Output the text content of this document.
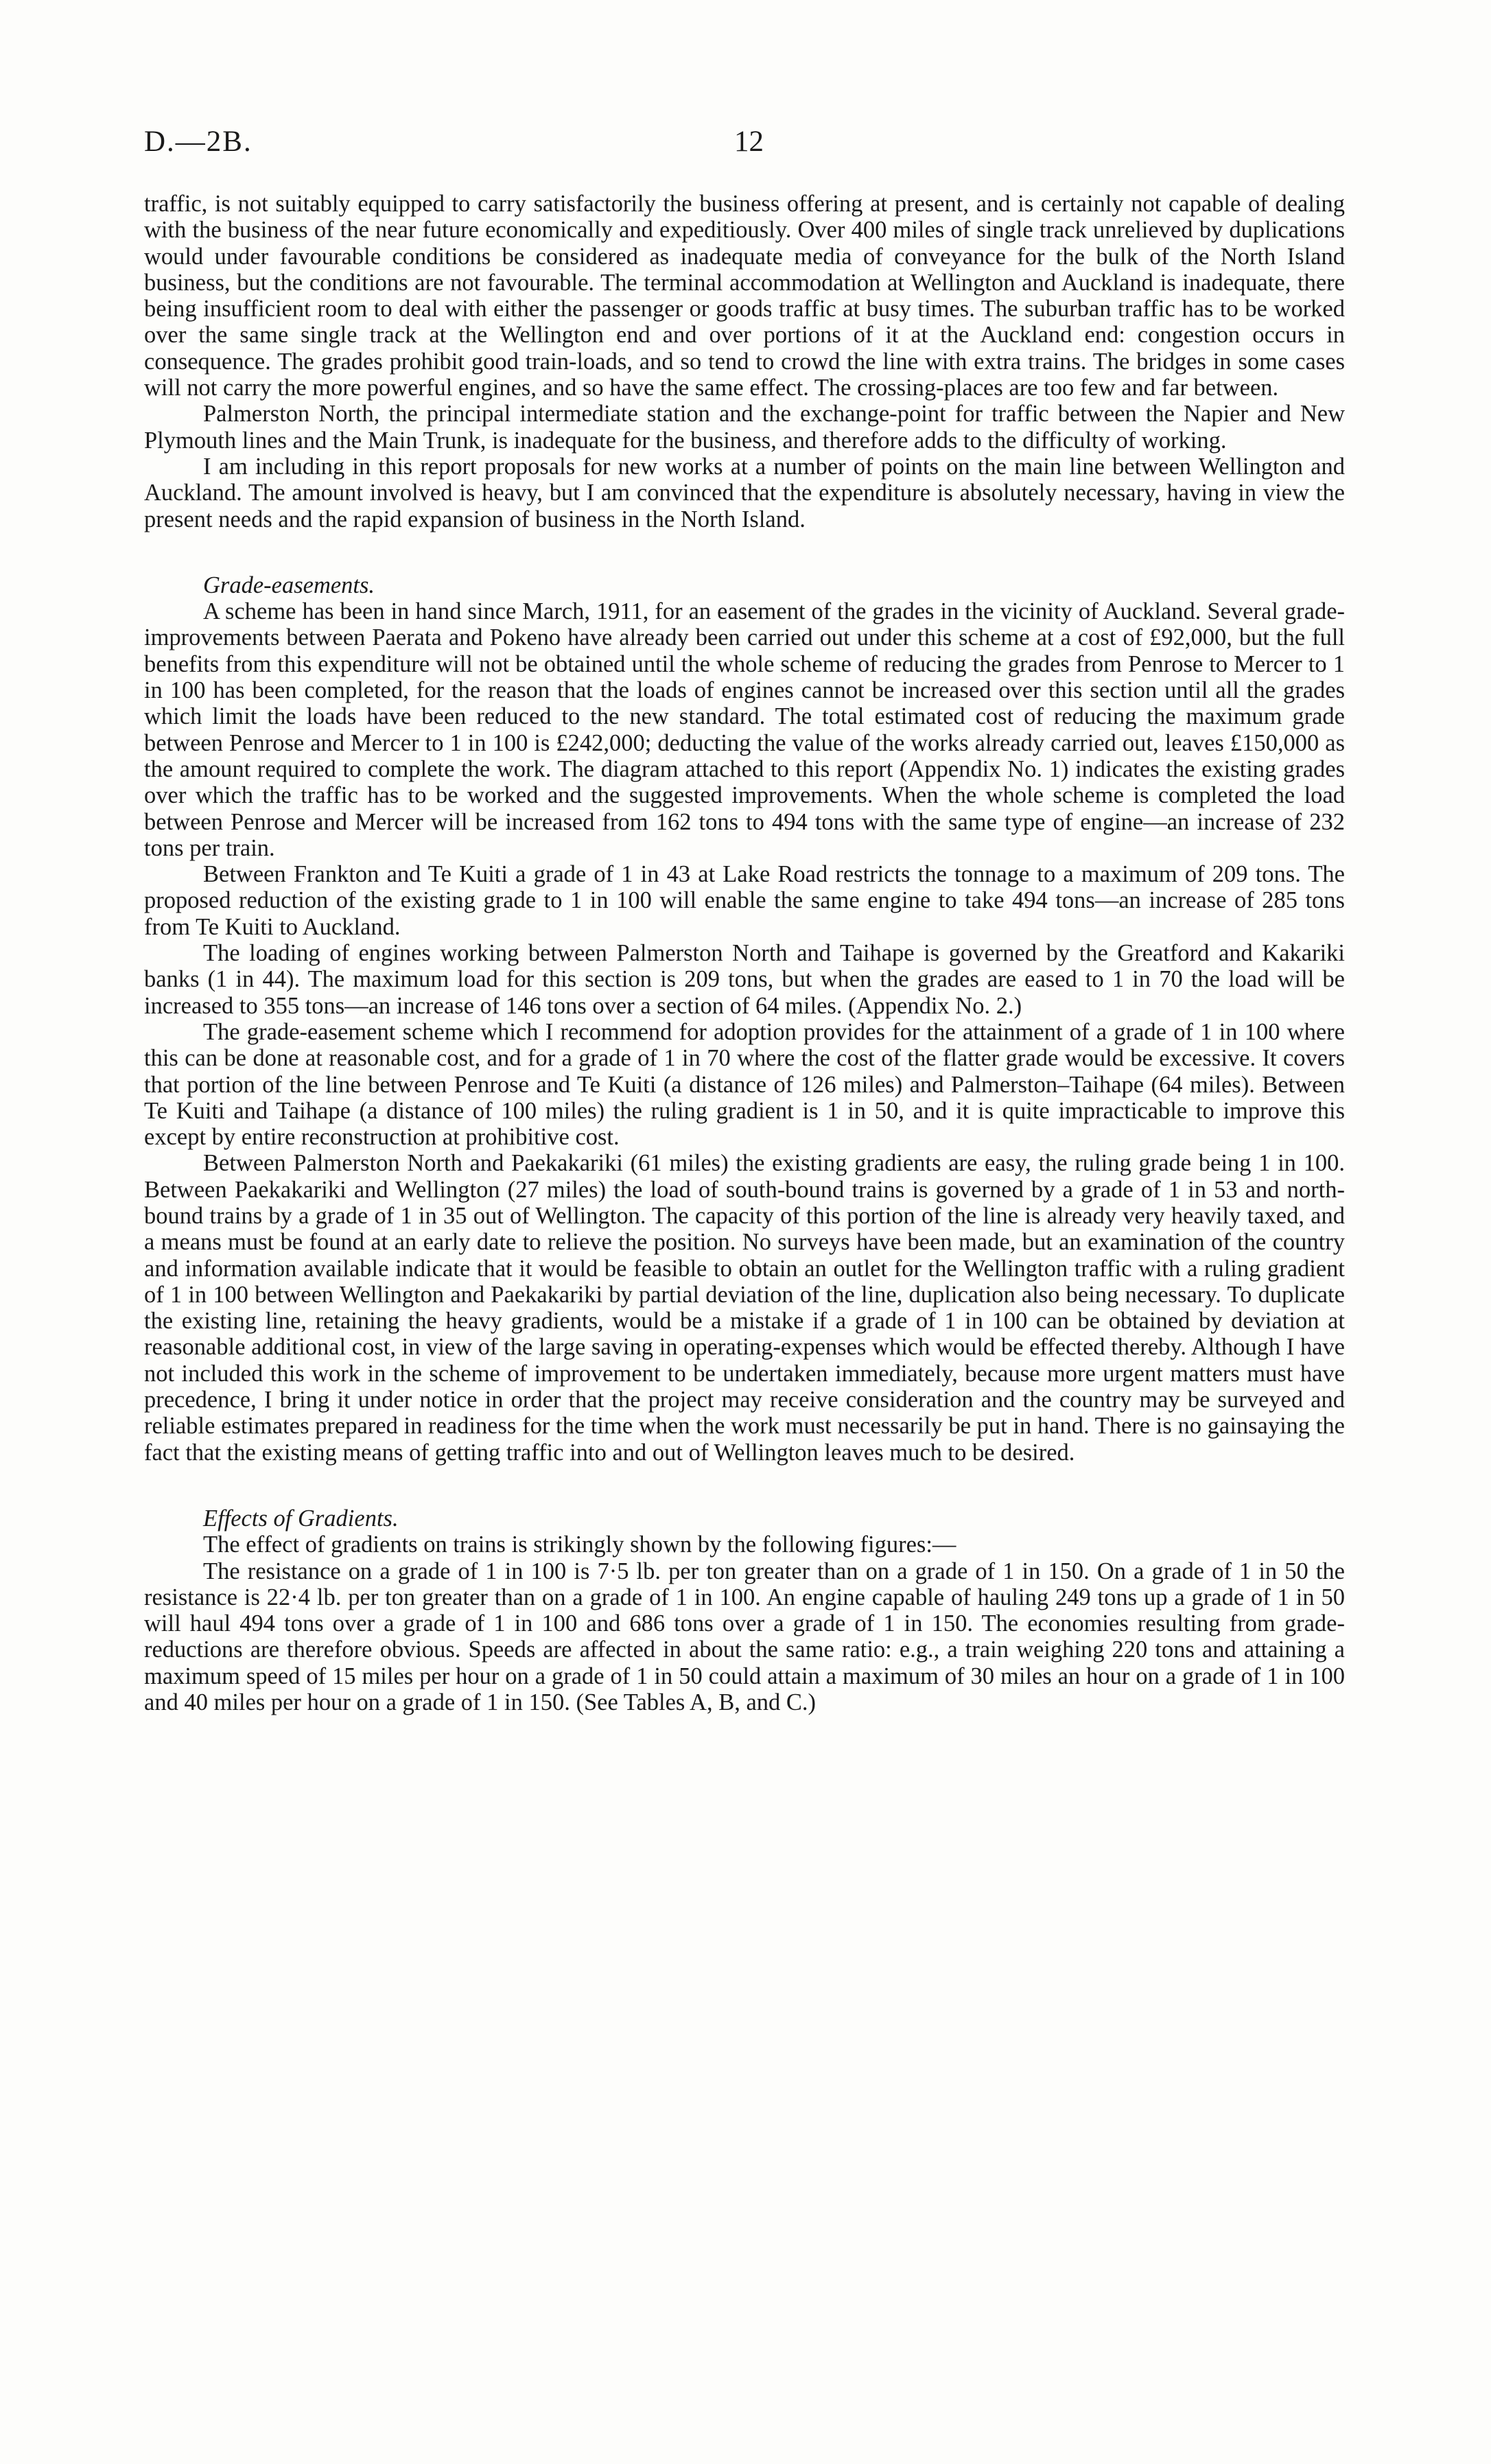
D.—2B.	12

traffic, is not suitably equipped to carry satisfactorily the business offering at present, and is certainly not capable of dealing with the business of the near future economically and expeditiously. Over 400 miles of single track unrelieved by duplications would under favourable conditions be considered as inadequate media of conveyance for the bulk of the North Island business, but the conditions are not favourable. The terminal accommodation at Wellington and Auckland is inadequate, there being insufficient room to deal with either the passenger or goods traffic at busy times. The suburban traffic has to be worked over the same single track at the Wellington end and over portions of it at the Auckland end: congestion occurs in consequence. The grades prohibit good train-loads, and so tend to crowd the line with extra trains. The bridges in some cases will not carry the more powerful engines, and so have the same effect. The crossing-places are too few and far between.

Palmerston North, the principal intermediate station and the exchange-point for traffic between the Napier and New Plymouth lines and the Main Trunk, is inadequate for the business, and therefore adds to the difficulty of working.

I am including in this report proposals for new works at a number of points on the main line between Wellington and Auckland. The amount involved is heavy, but I am convinced that the expenditure is absolutely necessary, having in view the present needs and the rapid expansion of business in the North Island.

Grade-easements.

A scheme has been in hand since March, 1911, for an easement of the grades in the vicinity of Auckland. Several grade-improvements between Paerata and Pokeno have already been carried out under this scheme at a cost of £92,000, but the full benefits from this expenditure will not be obtained until the whole scheme of reducing the grades from Penrose to Mercer to 1 in 100 has been completed, for the reason that the loads of engines cannot be increased over this section until all the grades which limit the loads have been reduced to the new standard. The total estimated cost of reducing the maximum grade between Penrose and Mercer to 1 in 100 is £242,000; deducting the value of the works already carried out, leaves £150,000 as the amount required to complete the work. The diagram attached to this report (Appendix No. 1) indicates the existing grades over which the traffic has to be worked and the suggested improvements. When the whole scheme is completed the load between Penrose and Mercer will be increased from 162 tons to 494 tons with the same type of engine—an increase of 232 tons per train.

Between Frankton and Te Kuiti a grade of 1 in 43 at Lake Road restricts the tonnage to a maximum of 209 tons. The proposed reduction of the existing grade to 1 in 100 will enable the same engine to take 494 tons—an increase of 285 tons from Te Kuiti to Auckland.

The loading of engines working between Palmerston North and Taihape is governed by the Greatford and Kakariki banks (1 in 44). The maximum load for this section is 209 tons, but when the grades are eased to 1 in 70 the load will be increased to 355 tons—an increase of 146 tons over a section of 64 miles. (Appendix No. 2.)

The grade-easement scheme which I recommend for adoption provides for the attainment of a grade of 1 in 100 where this can be done at reasonable cost, and for a grade of 1 in 70 where the cost of the flatter grade would be excessive. It covers that portion of the line between Penrose and Te Kuiti (a distance of 126 miles) and Palmerston–Taihape (64 miles). Between Te Kuiti and Taihape (a distance of 100 miles) the ruling gradient is 1 in 50, and it is quite impracticable to improve this except by entire reconstruction at prohibitive cost.

Between Palmerston North and Paekakariki (61 miles) the existing gradients are easy, the ruling grade being 1 in 100. Between Paekakariki and Wellington (27 miles) the load of south-bound trains is governed by a grade of 1 in 53 and north-bound trains by a grade of 1 in 35 out of Wellington. The capacity of this portion of the line is already very heavily taxed, and a means must be found at an early date to relieve the position. No surveys have been made, but an examination of the country and information available indicate that it would be feasible to obtain an outlet for the Wellington traffic with a ruling gradient of 1 in 100 between Wellington and Paekakariki by partial deviation of the line, duplication also being necessary. To duplicate the existing line, retaining the heavy gradients, would be a mistake if a grade of 1 in 100 can be obtained by deviation at reasonable additional cost, in view of the large saving in operating-expenses which would be effected thereby. Although I have not included this work in the scheme of improvement to be undertaken immediately, because more urgent matters must have precedence, I bring it under notice in order that the project may receive consideration and the country may be surveyed and reliable estimates prepared in readiness for the time when the work must necessarily be put in hand. There is no gainsaying the fact that the existing means of getting traffic into and out of Wellington leaves much to be desired.

Effects of Gradients.

The effect of gradients on trains is strikingly shown by the following figures:—

The resistance on a grade of 1 in 100 is 7·5 lb. per ton greater than on a grade of 1 in 150. On a grade of 1 in 50 the resistance is 22·4 lb. per ton greater than on a grade of 1 in 100. An engine capable of hauling 249 tons up a grade of 1 in 50 will haul 494 tons over a grade of 1 in 100 and 686 tons over a grade of 1 in 150. The economies resulting from grade-reductions are therefore obvious. Speeds are affected in about the same ratio: e.g., a train weighing 220 tons and attaining a maximum speed of 15 miles per hour on a grade of 1 in 50 could attain a maximum of 30 miles an hour on a grade of 1 in 100 and 40 miles per hour on a grade of 1 in 150. (See Tables A, B, and C.)
